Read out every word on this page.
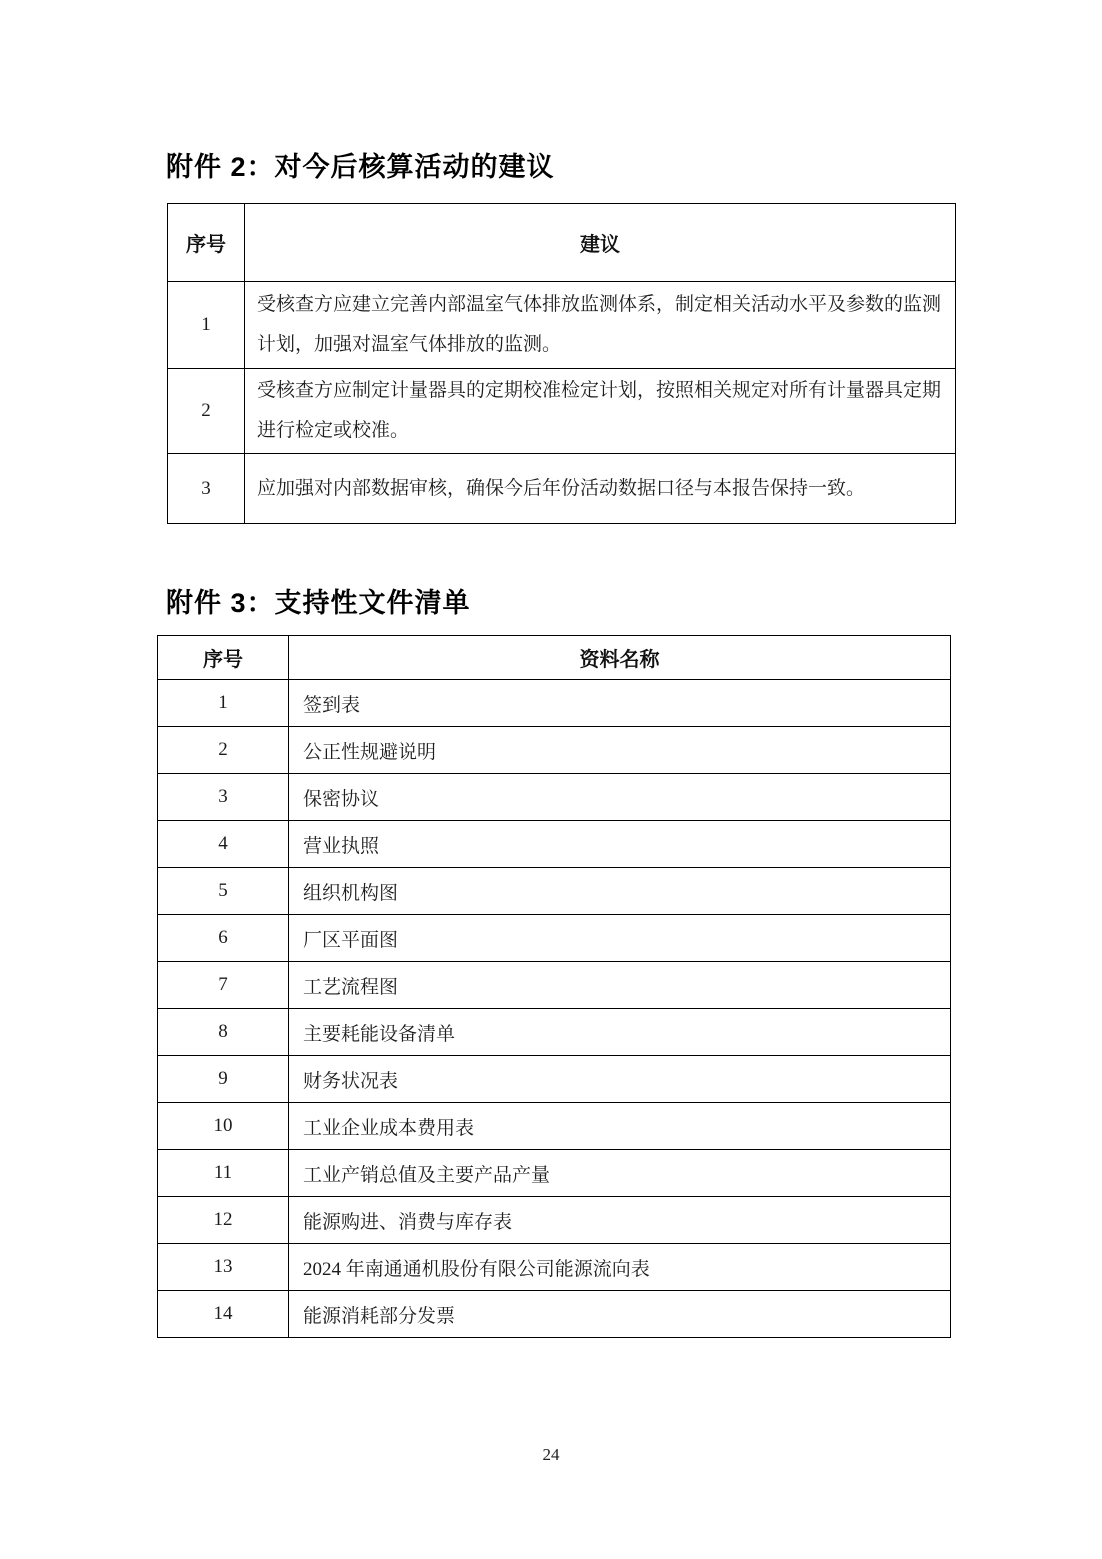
附件 2：对今后核算活动的建议
序号	建议
1	受核查方应建立完善内部温室气体排放监测体系，制定相关活动水平及参数的监测计划，加强对温室气体排放的监测。
2	受核查方应制定计量器具的定期校准检定计划，按照相关规定对所有计量器具定期进行检定或校准。
3	应加强对内部数据审核，确保今后年份活动数据口径与本报告保持一致。
附件 3：支持性文件清单
序号	资料名称
1	签到表
2	公正性规避说明
3	保密协议
4	营业执照
5	组织机构图
6	厂区平面图
7	工艺流程图
8	主要耗能设备清单
9	财务状况表
10	工业企业成本费用表
11	工业产销总值及主要产品产量
12	能源购进、消费与库存表
13	2024 年南通通机股份有限公司能源流向表
14	能源消耗部分发票
24
